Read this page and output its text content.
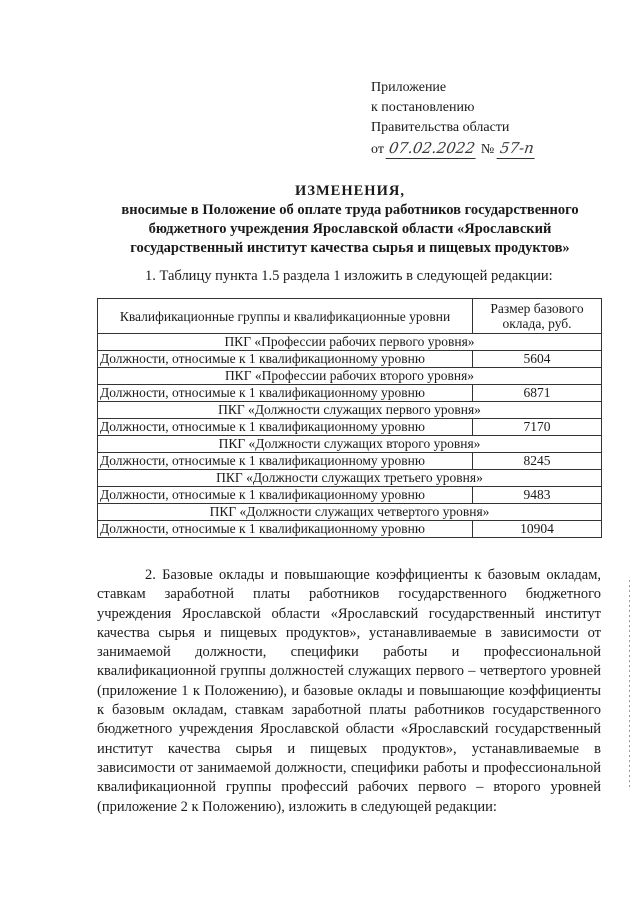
Приложение
к постановлению
Правительства области
от 07.02.2022 № 57-п
ИЗМЕНЕНИЯ,
вносимые в Положение об оплате труда работников государственного бюджетного учреждения Ярославской области «Ярославский государственный институт качества сырья и пищевых продуктов»
1. Таблицу пункта 1.5 раздела 1 изложить в следующей редакции:
Квалификационные группы и квалификационные уровни	Размер базового оклада, руб.
ПКГ «Профессии рабочих первого уровня»	
Должности, относимые к 1 квалификационному уровню	5604
ПКГ «Профессии рабочих второго уровня»	
Должности, относимые к 1 квалификационному уровню	6871
ПКГ «Должности служащих первого уровня»	
Должности, относимые к 1 квалификационному уровню	7170
ПКГ «Должности служащих второго уровня»	
Должности, относимые к 1 квалификационному уровню	8245
ПКГ «Должности служащих третьего уровня»	
Должности, относимые к 1 квалификационному уровню	9483
ПКГ «Должности служащих четвертого уровня»	
Должности, относимые к 1 квалификационному уровню	10904
2. Базовые оклады и повышающие коэффициенты к базовым окладам, ставкам заработной платы работников государственного бюджетного учреждения Ярославской области «Ярославский государственный институт качества сырья и пищевых продуктов», устанавливаемые в зависимости от занимаемой должности, специфики работы и профессиональной квалификационной группы должностей служащих первого – четвертого уровней (приложение 1 к Положению), и базовые оклады и повышающие коэффициенты к базовым окладам, ставкам заработной платы работников государственного бюджетного учреждения Ярославской области «Ярославский государственный институт качества сырья и пищевых продуктов», устанавливаемые в зависимости от занимаемой должности, специфики работы и профессиональной квалификационной группы профессий рабочих первого – второго уровней (приложение 2 к Положению), изложить в следующей редакции:
